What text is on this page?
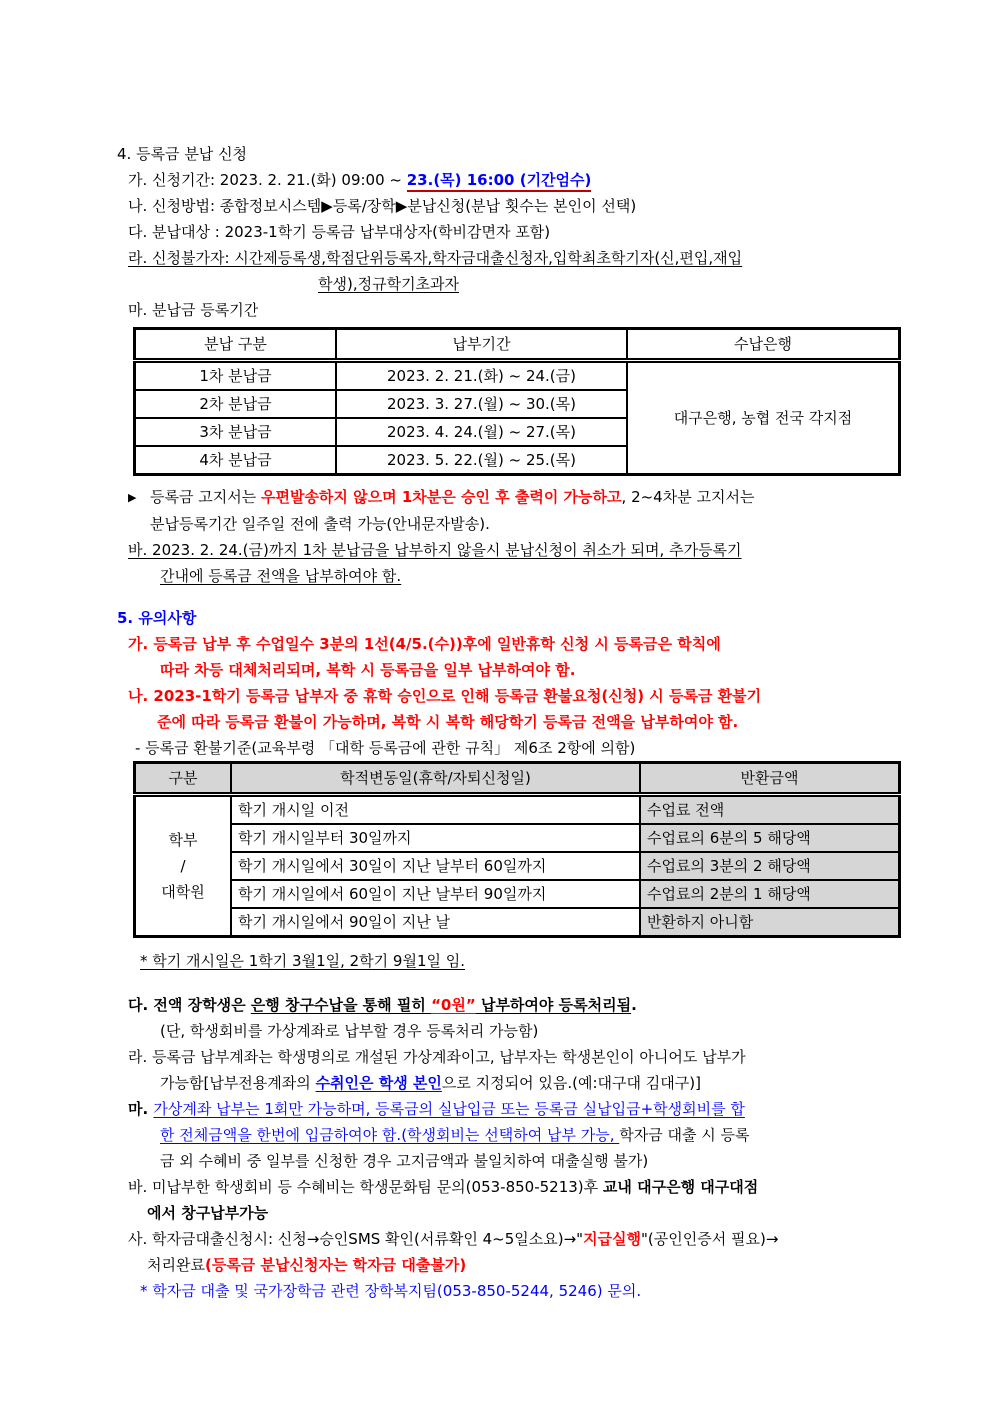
4. 등록금 분납 신청
가. 신청기간: 2023. 2. 21.(화) 09:00 ~ 23.(목) 16:00 (기간엄수)
나. 신청방법: 종합정보시스템▶등록/장학▶분납신청(분납 횟수는 본인이 선택)
다. 분납대상 : 2023-1학기 등록금 납부대상자(학비감면자 포함)
라. 신청불가자: 시간제등록생,학점단위등록자,학자금대출신청자,입학최초학기자(신,편입,재입
학생),정규학기초과자
마. 분납금 등록기간
분납 구분	납부기간	수납은행
1차 분납금	2023. 2. 21.(화) ~ 24.(금)	대구은행, 농협 전국 각지점
2차 분납금	2023. 3. 27.(월) ~ 30.(목)	
3차 분납금	2023. 4. 24.(월) ~ 27.(목)	
4차 분납금	2023. 5. 22.(월) ~ 25.(목)	
▶ 등록금 고지서는 우편발송하지 않으며 1차분은 승인 후 출력이 가능하고, 2~4차분 고지서는
분납등록기간 일주일 전에 출력 가능(안내문자발송).
바. 2023. 2. 24.(금)까지 1차 분납금을 납부하지 않을시 분납신청이 취소가 되며, 추가등록기
간내에 등록금 전액을 납부하여야 함.
5. 유의사항
가. 등록금 납부 후 수업일수 3분의 1선(4/5.(수))후에 일반휴학 신청 시 등록금은 학칙에
따라 차등 대체처리되며, 복학 시 등록금을 일부 납부하여야 함.
나. 2023-1학기 등록금 납부자 중 휴학 승인으로 인해 등록금 환불요청(신청) 시 등록금 환불기
준에 따라 등록금 환불이 가능하며, 복학 시 복학 해당학기 등록금 전액을 납부하여야 함.
- 등록금 환불기준(교육부령 「대학 등록금에 관한 규칙」 제6조 2항에 의함)
구분	학적변동일(휴학/자퇴신청일)	반환금액

학부
/
대학원	학기 개시일 이전	수업료 전액
	학기 개시일부터 30일까지	수업료의 6분의 5 해당액
	학기 개시일에서 30일이 지난 날부터 60일까지	수업료의 3분의 2 해당액
	학기 개시일에서 60일이 지난 날부터 90일까지	수업료의 2분의 1 해당액
	학기 개시일에서 90일이 지난 날	반환하지 아니함
* 학기 개시일은 1학기 3월1일, 2학기 9월1일 임.
다. 전액 장학생은 은행 창구수납을 통해 필히 “0원” 납부하여야 등록처리됨.
(단, 학생회비를 가상계좌로 납부할 경우 등록처리 가능함)
라. 등록금 납부계좌는 학생명의로 개설된 가상계좌이고, 납부자는 학생본인이 아니어도 납부가
가능함[납부전용계좌의 수취인은 학생 본인으로 지정되어 있음.(예:대구대 김대구)]
마. 가상계좌 납부는 1회만 가능하며, 등록금의 실납입금 또는 등록금 실납입금+학생회비를 합
한 전체금액을 한번에 입금하여야 함.(학생회비는 선택하여 납부 가능, 학자금 대출 시 등록
금 외 수혜비 중 일부를 신청한 경우 고지금액과 불일치하여 대출실행 불가)
바. 미납부한 학생회비 등 수혜비는 학생문화팀 문의(053-850-5213)후 교내 대구은행 대구대점
에서 창구납부가능
사. 학자금대출신청시: 신청→승인SMS 확인(서류확인 4~5일소요)→"지급실행"(공인인증서 필요)→
처리완료(등록금 분납신청자는 학자금 대출불가)
* 학자금 대출 및 국가장학금 관련 장학복지팀(053-850-5244, 5246) 문의.
